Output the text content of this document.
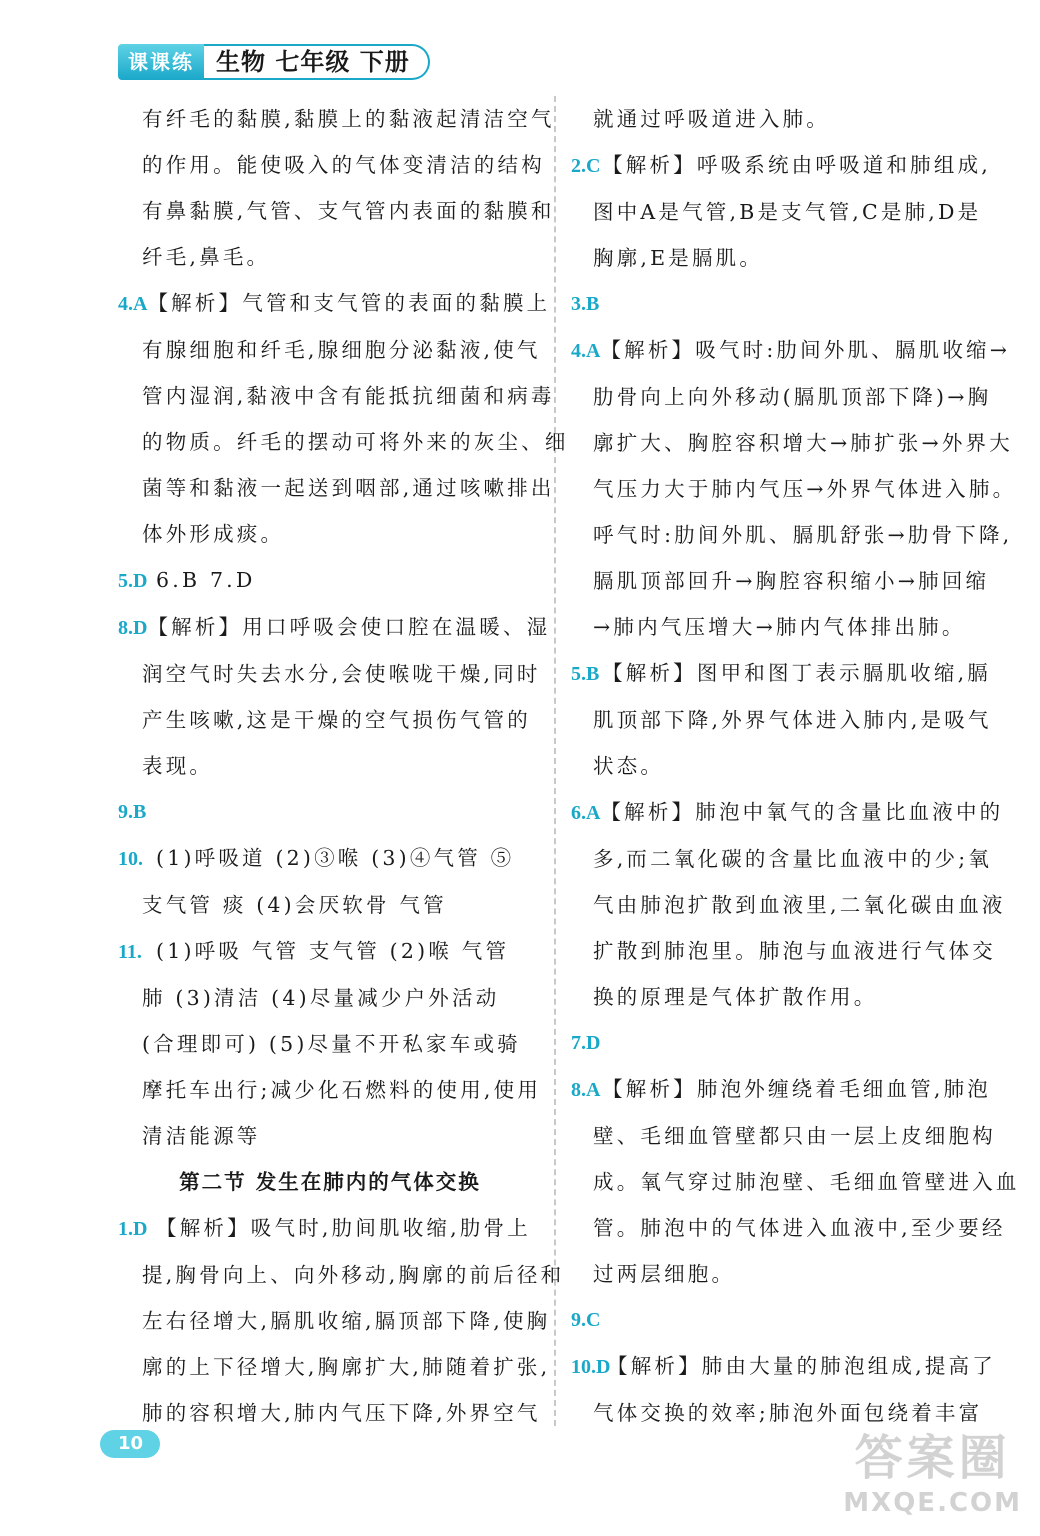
课课练 生物 七年级 下册
有纤毛的黏膜,黏膜上的黏液起清洁空气
的作用。能使吸入的气体变清洁的结构
有鼻黏膜,气管、支气管内表面的黏膜和
纤毛,鼻毛。
4.A 【解析】气管和支气管的表面的黏膜上
有腺细胞和纤毛,腺细胞分泌黏液,使气
管内湿润,黏液中含有能抵抗细菌和病毒
的物质。纤毛的摆动可将外来的灰尘、细
菌等和黏液一起送到咽部,通过咳嗽排出
体外形成痰。
5.D 6.B 7.D
8.D 【解析】用口呼吸会使口腔在温暖、湿
润空气时失去水分,会使喉咙干燥,同时
产生咳嗽,这是干燥的空气损伤气管的
表现。
9.B
10. (1)呼吸道 (2)③喉 (3)④气管 ⑤
支气管 痰 (4)会厌软骨 气管
11. (1)呼吸 气管 支气管 (2)喉 气管
肺 (3)清洁 (4)尽量减少户外活动
(合理即可) (5)尽量不开私家车或骑
摩托车出行;减少化石燃料的使用,使用
清洁能源等
第二节 发生在肺内的气体交换
1.D 【解析】吸气时,肋间肌收缩,肋骨上
提,胸骨向上、向外移动,胸廓的前后径和
左右径增大,膈肌收缩,膈顶部下降,使胸
廓的上下径增大,胸廓扩大,肺随着扩张,
肺的容积增大,肺内气压下降,外界空气
就通过呼吸道进入肺。
2.C 【解析】呼吸系统由呼吸道和肺组成,
图中A是气管,B是支气管,C是肺,D是
胸廓,E是膈肌。
3.B
4.A 【解析】吸气时:肋间外肌、膈肌收缩→
肋骨向上向外移动(膈肌顶部下降)→胸
廓扩大、胸腔容积增大→肺扩张→外界大
气压力大于肺内气压→外界气体进入肺。
呼气时:肋间外肌、膈肌舒张→肋骨下降,
膈肌顶部回升→胸腔容积缩小→肺回缩
→肺内气压增大→肺内气体排出肺。
5.B 【解析】图甲和图丁表示膈肌收缩,膈
肌顶部下降,外界气体进入肺内,是吸气
状态。
6.A 【解析】肺泡中氧气的含量比血液中的
多,而二氧化碳的含量比血液中的少;氧
气由肺泡扩散到血液里,二氧化碳由血液
扩散到肺泡里。肺泡与血液进行气体交
换的原理是气体扩散作用。
7.D
8.A 【解析】肺泡外缠绕着毛细血管,肺泡
壁、毛细血管壁都只由一层上皮细胞构
成。氧气穿过肺泡壁、毛细血管壁进入血
管。肺泡中的气体进入血液中,至少要经
过两层细胞。
9.C
10.D
【解析】肺由大量的肺泡组成,提高了
气体交换的效率;肺泡外面包绕着丰富
10	答案圈
MXQE.COM
